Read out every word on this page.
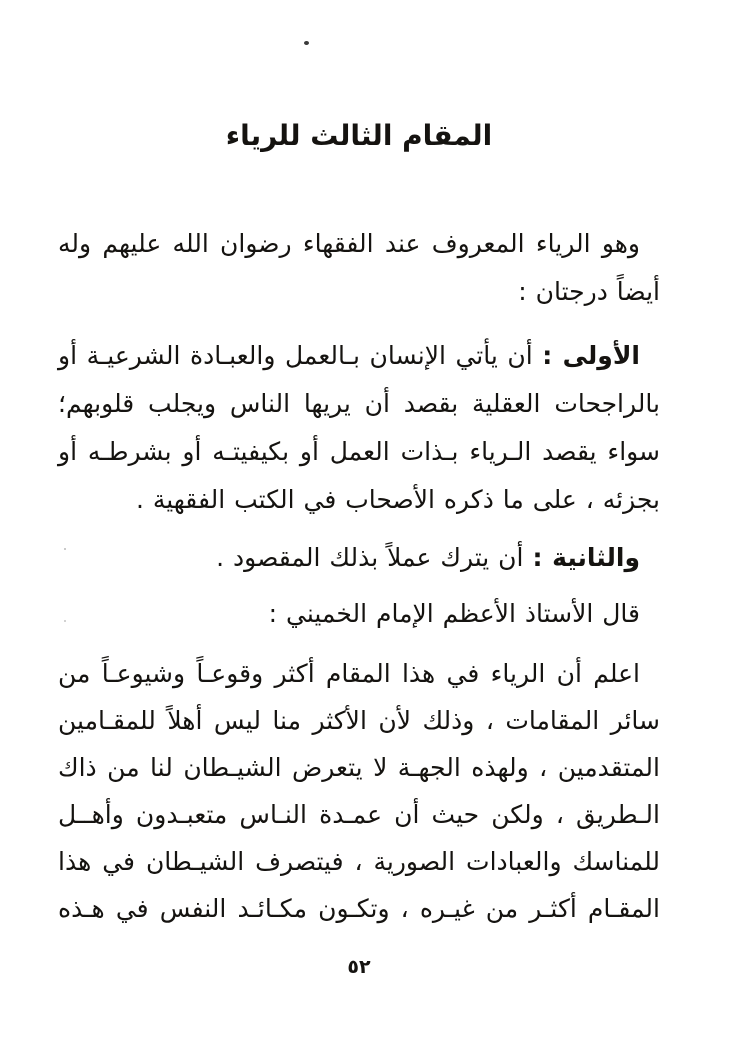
المقام الثالث للرياء
وهو الرياء المعروف عند الفقهاء رضوان الله عليهم وله
أيضاً درجتان :
الأولى : أن يأتي الإنسان بـالعمل والعبـادة الشرعيـة أو
بالراجحات العقلية بقصد أن يريها الناس ويجلب قلوبهم؛
سواء يقصد الـرياء بـذات العمل أو بكيفيتـه أو بشرطـه أو
بجزئه ، على ما ذكره الأصحاب في الكتب الفقهية .
والثانية : أن يترك عملاً بذلك المقصود .
قال الأستاذ الأعظم الإمام الخميني :
اعلم أن الرياء في هذا المقام أكثر وقوعـاً وشيوعـاً من
سائر المقامات ، وذلك لأن الأكثر منا ليس أهلاً للمقـامين
المتقدمين ، ولهذه الجهـة لا يتعرض الشيـطان لنا من ذاك
الـطريق ، ولكن حيث أن عمـدة النـاس متعبـدون وأهــل
للمناسك والعبادات الصورية ، فيتصرف الشيـطان في هذا
المقـام أكثـر من غيـره ، وتكـون مكـائـد النفس في هـذه
٥٢
